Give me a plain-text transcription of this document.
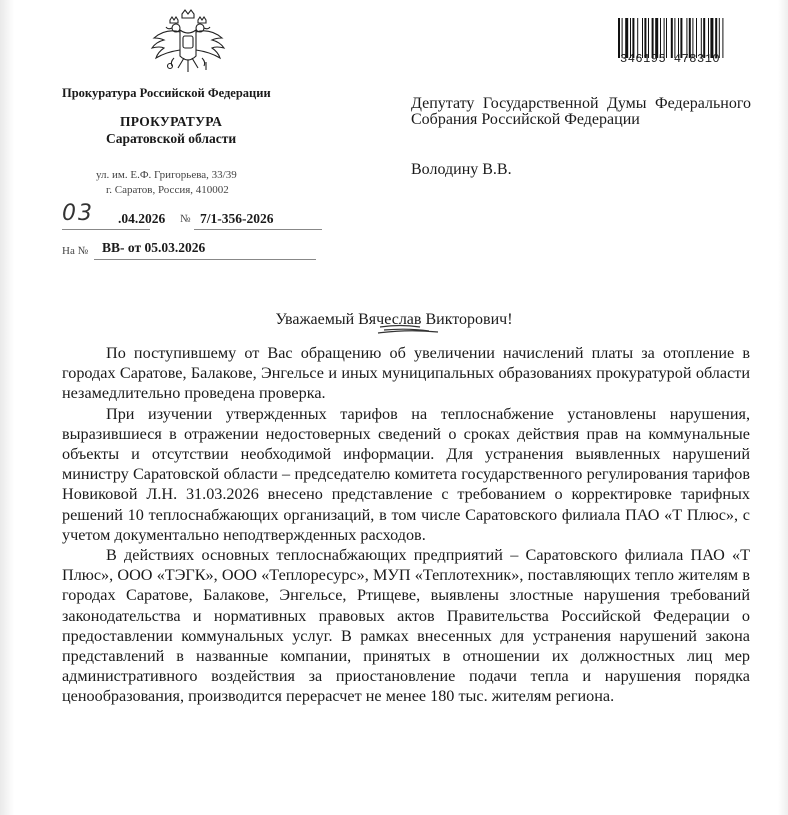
Прокуратура Российской Федерации
ПРОКУРАТУРА
Саратовской области
ул. им. Е.Ф. Григорьева, 33/39
г. Саратов, Россия, 410002
03 .04.2026 № 7/1-356-2026
На № ВВ- от 05.03.2026
346195 478310
Депутату Государственной Думы Федерального Собрания Российской Федерации
Володину В.В.
Уважаемый Вячеслав Викторович!

По поступившему от Вас обращению об увеличении начислений платы за отопление в городах Саратове, Балакове, Энгельсе и иных муниципальных образованиях прокуратурой области незамедлительно проведена проверка.

При изучении утвержденных тарифов на теплоснабжение установлены нарушения, выразившиеся в отражении недостоверных сведений о сроках действия прав на коммунальные объекты и отсутствии необходимой информации. Для устранения выявленных нарушений министру Саратовской области – председателю комитета государственного регулирования тарифов Новиковой Л.Н. 31.03.2026 внесено представление с требованием о корректировке тарифных решений 10 теплоснабжающих организаций, в том числе Саратовского филиала ПАО «Т Плюс», с учетом документально неподтвержденных расходов.

В действиях основных теплоснабжающих предприятий – Саратовского филиала ПАО «Т Плюс», ООО «ТЭГК», ООО «Теплоресурс», МУП «Теплотехник», поставляющих тепло жителям в городах Саратове, Балакове, Энгельсе, Ртищеве, выявлены злостные нарушения требований законодательства и нормативных правовых актов Правительства Российской Федерации о предоставлении коммунальных услуг. В рамках внесенных для устранения нарушений закона представлений в названные компании, принятых в отношении их должностных лиц мер административного воздействия за приостановление подачи тепла и нарушения порядка ценообразования, производится перерасчет не менее 180 тыс. жителям региона.
